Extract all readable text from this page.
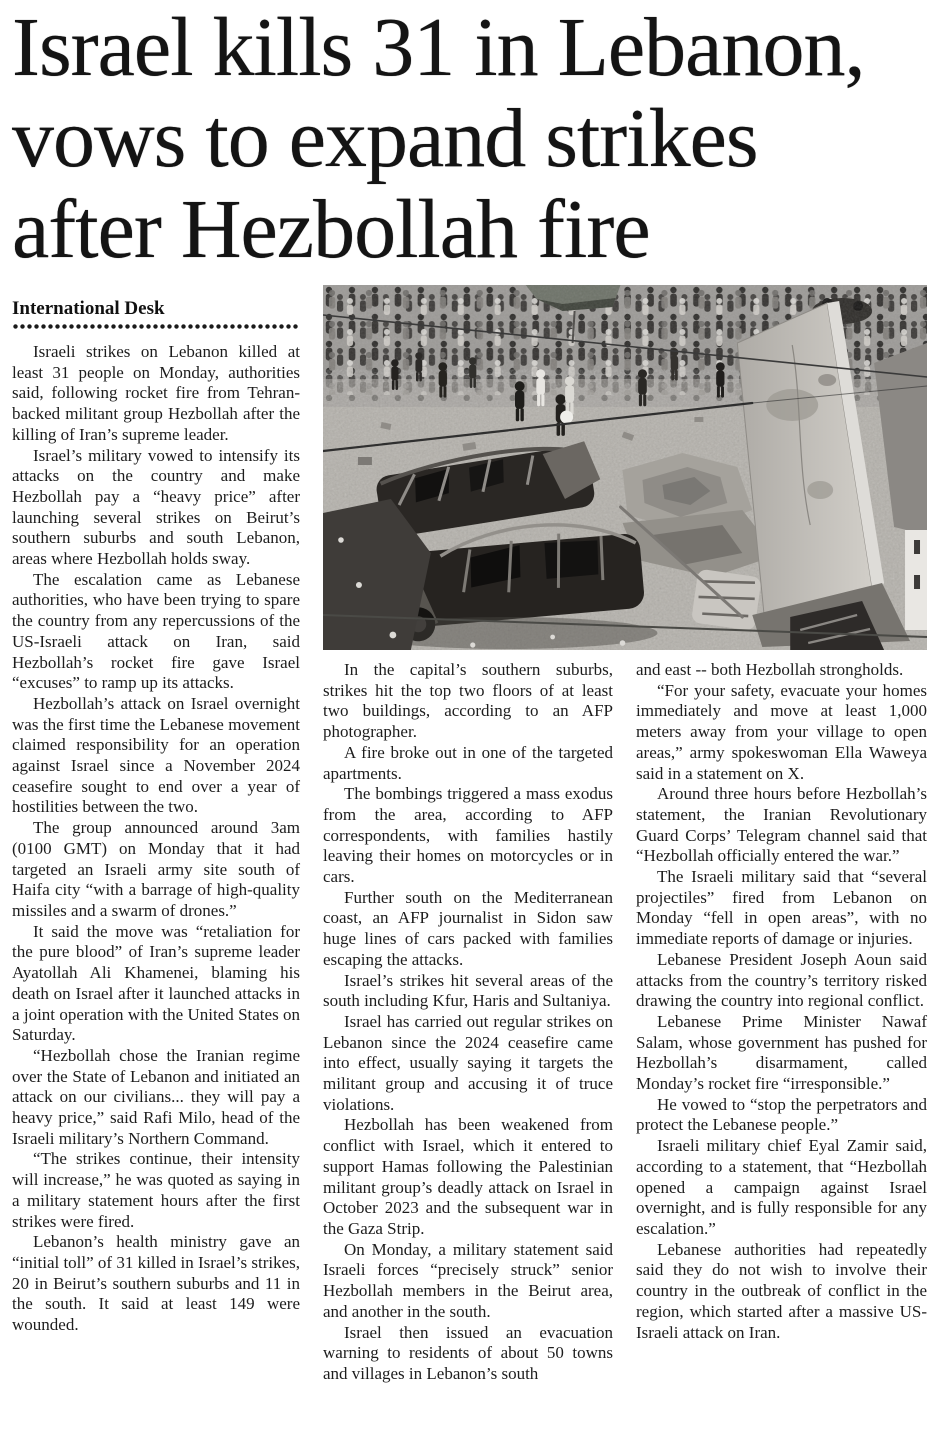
Israel kills 31 in Lebanon,
vows to expand strikes
after Hezbollah fire
International Desk

Israeli strikes on Lebanon killed at least 31 people on Monday, authorities said, following rocket fire from Tehran-backed militant group Hezbollah after the killing of Iran’s supreme leader.

Israel’s military vowed to intensify its attacks on the country and make Hezbollah pay a “heavy price” after launching several strikes on Beirut’s southern suburbs and south Lebanon, areas where Hezbollah holds sway.

The escalation came as Lebanese authorities, who have been trying to spare the country from any repercussions of the US-Israeli attack on Iran, said Hezbollah’s rocket fire gave Israel “excuses” to ramp up its attacks.

Hezbollah’s attack on Israel overnight was the first time the Lebanese movement claimed responsibility for an operation against Israel since a November 2024 ceasefire sought to end over a year of hostilities between the two.

The group announced around 3am (0100 GMT) on Monday that it had targeted an Israeli army site south of Haifa city “with a barrage of high-quality missiles and a swarm of drones.”

It said the move was “retaliation for the pure blood” of Iran’s supreme leader Ayatollah Ali Khamenei, blaming his death on Israel after it launched attacks in a joint operation with the United States on Saturday.

“Hezbollah chose the Iranian regime over the State of Lebanon and initiated an attack on our civilians... they will pay a heavy price,” said Rafi Milo, head of the Israeli military’s Northern Command.

“The strikes continue, their intensity will increase,” he was quoted as saying in a military statement hours after the first strikes were fired.

Lebanon’s health ministry gave an “initial toll” of 31 killed in Israel’s strikes, 20 in Beirut’s southern suburbs and 11 in the south. It said at least 149 were wounded.

In the capital’s southern suburbs, strikes hit the top two floors of at least two buildings, according to an AFP photographer.

A fire broke out in one of the targeted apartments.

The bombings triggered a mass exodus from the area, according to AFP correspondents, with families hastily leaving their homes on motorcycles or in cars.

Further south on the Mediterranean coast, an AFP journalist in Sidon saw huge lines of cars packed with families escaping the attacks.

Israel’s strikes hit several areas of the south including Kfur, Haris and Sultaniya.

Israel has carried out regular strikes on Lebanon since the 2024 ceasefire came into effect, usually saying it targets the militant group and accusing it of truce violations.

Hezbollah has been weakened from conflict with Israel, which it entered to support Hamas following the Palestinian militant group’s deadly attack on Israel in October 2023 and the subsequent war in the Gaza Strip.

On Monday, a military statement said Israeli forces “precisely struck” senior Hezbollah members in the Beirut area, and another in the south.

Israel then issued an evacuation warning to residents of about 50 towns and villages in Lebanon’s south

and east -- both Hezbollah strongholds.

“For your safety, evacuate your homes immediately and move at least 1,000 meters away from your village to open areas,” army spokeswoman Ella Waweya said in a statement on X.

Around three hours before Hezbollah’s statement, the Iranian Revolutionary Guard Corps’ Telegram channel said that “Hezbollah officially entered the war.”

The Israeli military said that “several projectiles” fired from Lebanon on Monday “fell in open areas”, with no immediate reports of damage or injuries.

Lebanese President Joseph Aoun said attacks from the country’s territory risked drawing the country into regional conflict.

Lebanese Prime Minister Nawaf Salam, whose government has pushed for Hezbollah’s disarmament, called Monday’s rocket fire “irresponsible.”

He vowed to “stop the perpetrators and protect the Lebanese people.”

Israeli military chief Eyal Zamir said, according to a statement, that “Hezbollah opened a campaign against Israel overnight, and is fully responsible for any escalation.”

Lebanese authorities had repeatedly said they do not wish to involve their country in the outbreak of conflict in the region, which started after a massive US-Israeli attack on Iran.
